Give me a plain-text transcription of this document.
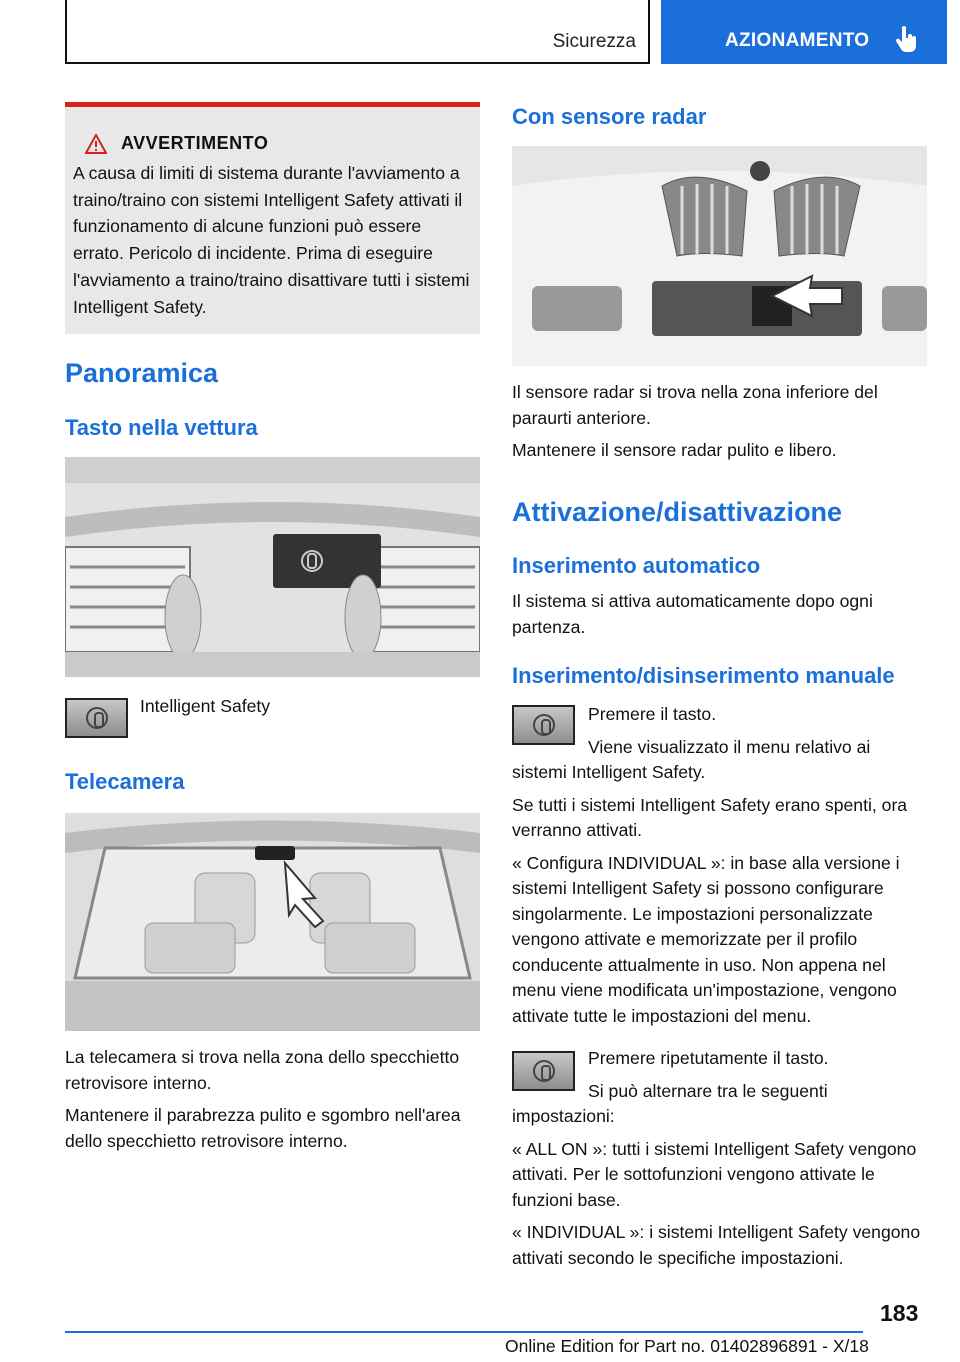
Sicurezza	AZIONAMENTO
AVVERTIMENTO
A causa di limiti di sistema durante l'avviamento a traino/traino con sistemi Intelligent Safety attivati il funzionamento di alcune funzioni può essere errato. Pericolo di incidente. Prima di eseguire l'avviamento a traino/traino disattivare tutti i sistemi Intelligent Safety.
Panoramica
Tasto nella vettura
Intelligent Safety
Telecamera

La telecamera si trova nella zona dello specchietto retrovisore interno.

Mantenere il parabrezza pulito e sgombro nell'area dello specchietto retrovisore interno.

Con sensore radar

Il sensore radar si trova nella zona inferiore del paraurti anteriore.

Mantenere il sensore radar pulito e libero.

Attivazione/disattivazione
Inserimento automatico
Il sistema si attiva automaticamente dopo ogni partenza.
Inserimento/disinserimento manuale

Premere il tasto.

Viene visualizzato il menu relativo ai sistemi Intelligent Safety.

Se tutti i sistemi Intelligent Safety erano spenti, ora verranno attivati.

« Configura INDIVIDUAL »: in base alla versione i sistemi Intelligent Safety si possono configurare singolarmente. Le impostazioni personalizzate vengono attivate e memorizzate per il profilo conducente attualmente in uso. Non appena nel menu viene modificata un'impostazione, vengono attivate tutte le impostazioni del menu.

Premere ripetutamente il tasto.

Si può alternare tra le seguenti impostazioni:

« ALL ON »: tutti i sistemi Intelligent Safety vengono attivati. Per le sottofunzioni vengono attivate le funzioni base.

« INDIVIDUAL »: i sistemi Intelligent Safety vengono attivati secondo le specifiche impostazioni.

183
Online Edition for Part no. 01402896891 - X/18
